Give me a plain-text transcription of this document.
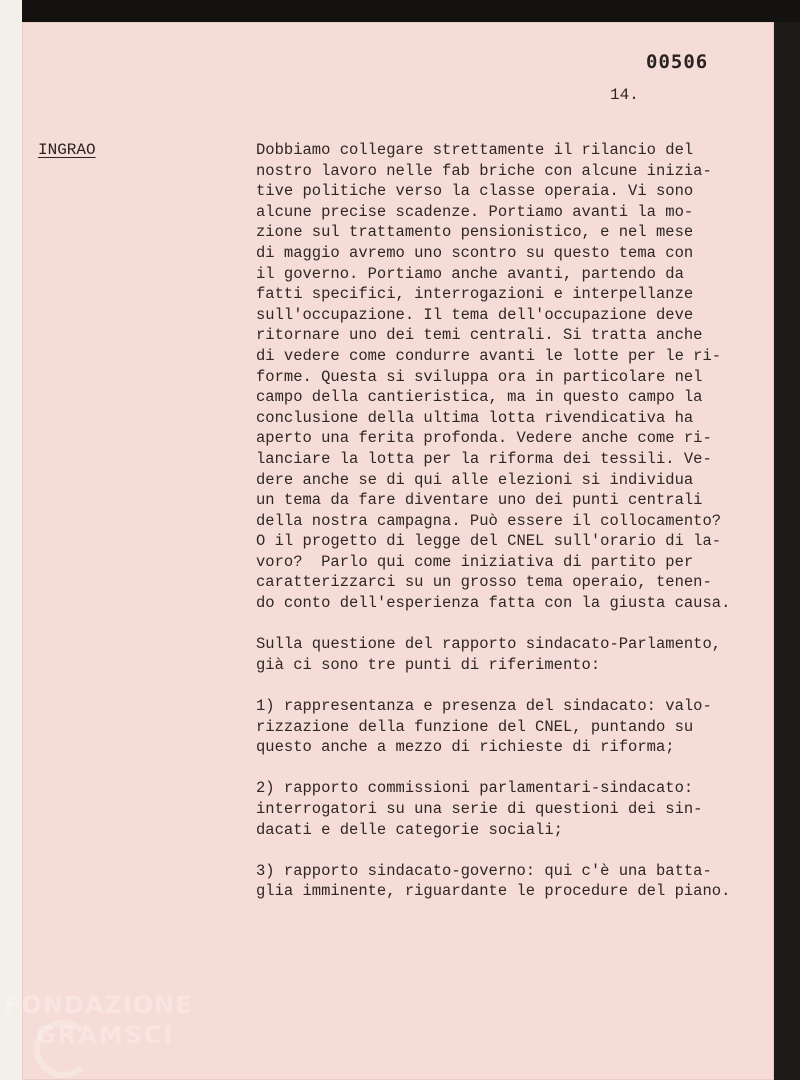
00506
14.
INGRAO	Dobbiamo collegare strettamente il rilancio del
nostro lavoro nelle fab briche con alcune inizia-
tive politiche verso la classe operaia. Vi sono
alcune precise scadenze. Portiamo avanti la mo-
zione sul trattamento pensionistico, e nel mese
di maggio avremo uno scontro su questo tema con
il governo. Portiamo anche avanti, partendo da
fatti specifici, interrogazioni e interpellanze
sull'occupazione. Il tema dell'occupazione deve
ritornare uno dei temi centrali. Si tratta anche
di vedere come condurre avanti le lotte per le ri-
forme. Questa si sviluppa ora in particolare nel
campo della cantieristica, ma in questo campo la
conclusione della ultima lotta rivendicativa ha
aperto una ferita profonda. Vedere anche come ri-
lanciare la lotta per la riforma dei tessili. Ve-
dere anche se di qui alle elezioni si individua
un tema da fare diventare uno dei punti centrali
della nostra campagna. Può essere il collocamento?
O il progetto di legge del CNEL sull'orario di la-
voro?  Parlo qui come iniziativa di partito per
caratterizzarci su un grosso tema operaio, tenen-
do conto dell'esperienza fatta con la giusta causa.

Sulla questione del rapporto sindacato-Parlamento,
già ci sono tre punti di riferimento:

1) rappresentanza e presenza del sindacato: valo-
rizzazione della funzione del CNEL, puntando su
questo anche a mezzo di richieste di riforma;

2) rapporto commissioni parlamentari-sindacato:
interrogatori su una serie di questioni dei sin-
dacati e delle categorie sociali;

3) rapporto sindacato-governo: qui c'è una batta-
glia imminente, riguardante le procedure del piano.

FONDAZIONE
GRAMSCI
